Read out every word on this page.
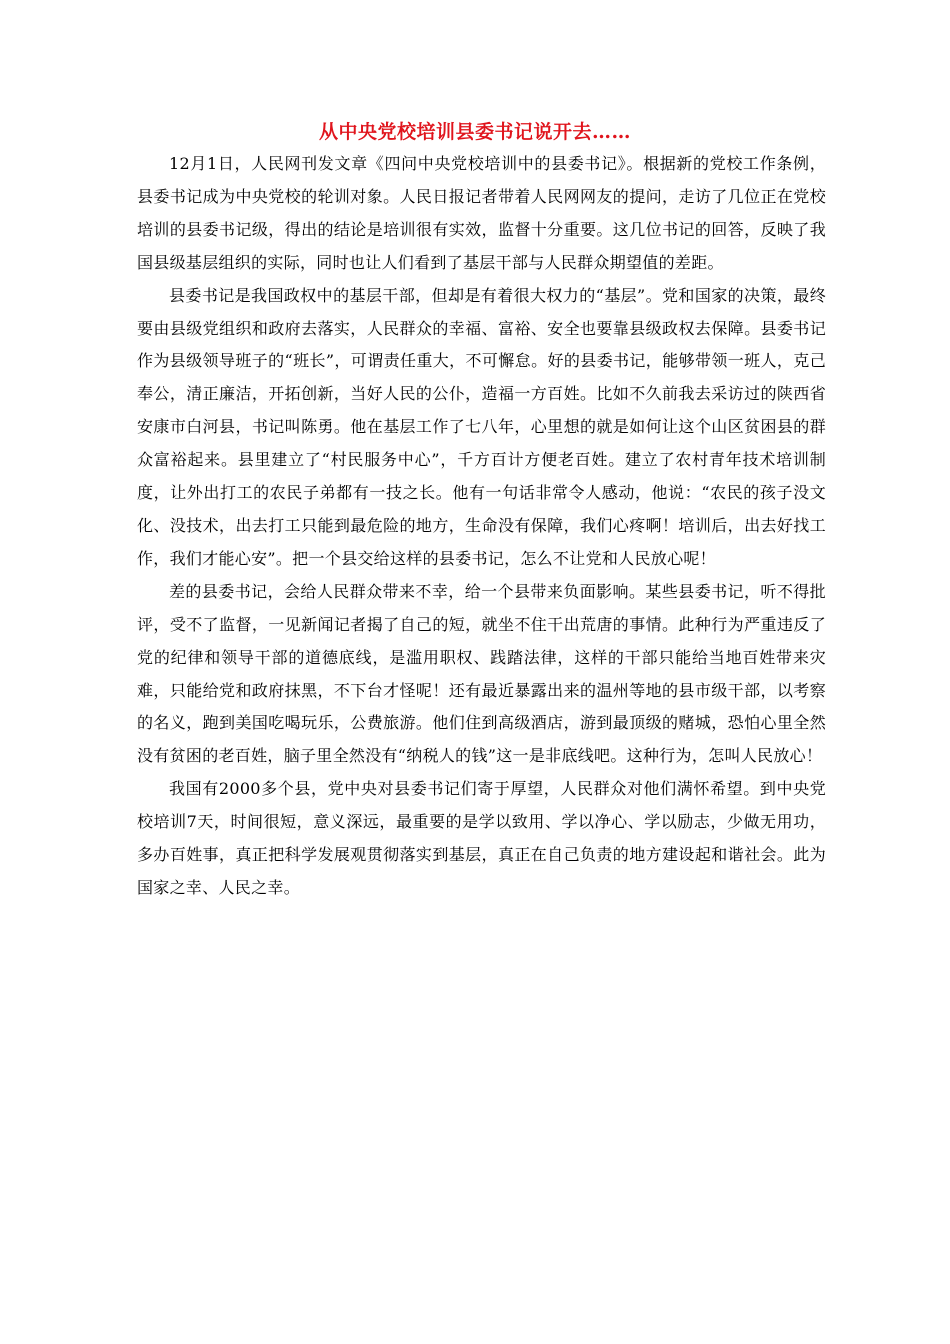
从中央党校培训县委书记说开去……

12月1日，人民网刊发文章《四问中央党校培训中的县委书记》。根据新的党校工作条例，县委书记成为中央党校的轮训对象。人民日报记者带着人民网网友的提问，走访了几位正在党校培训的县委书记级，得出的结论是培训很有实效，监督十分重要。这几位书记的回答，反映了我国县级基层组织的实际，同时也让人们看到了基层干部与人民群众期望值的差距。

县委书记是我国政权中的基层干部，但却是有着很大权力的“基层”。党和国家的决策，最终要由县级党组织和政府去落实，人民群众的幸福、富裕、安全也要靠县级政权去保障。县委书记作为县级领导班子的“班长”，可谓责任重大，不可懈怠。好的县委书记，能够带领一班人，克己奉公，清正廉洁，开拓创新，当好人民的公仆，造福一方百姓。比如不久前我去采访过的陕西省安康市白河县，书记叫陈勇。他在基层工作了七八年，心里想的就是如何让这个山区贫困县的群众富裕起来。县里建立了“村民服务中心”，千方百计方便老百姓。建立了农村青年技术培训制度，让外出打工的农民子弟都有一技之长。他有一句话非常令人感动，他说：“农民的孩子没文化、没技术，出去打工只能到最危险的地方，生命没有保障，我们心疼啊！培训后，出去好找工作，我们才能心安”。把一个县交给这样的县委书记，怎么不让党和人民放心呢！

差的县委书记，会给人民群众带来不幸，给一个县带来负面影响。某些县委书记，听不得批评，受不了监督，一见新闻记者揭了自己的短，就坐不住干出荒唐的事情。此种行为严重违反了党的纪律和领导干部的道德底线，是滥用职权、践踏法律，这样的干部只能给当地百姓带来灾难，只能给党和政府抹黑，不下台才怪呢！还有最近暴露出来的温州等地的县市级干部，以考察的名义，跑到美国吃喝玩乐，公费旅游。他们住到高级酒店，游到最顶级的赌城，恐怕心里全然没有贫困的老百姓，脑子里全然没有“纳税人的钱”这一是非底线吧。这种行为，怎叫人民放心！

我国有2000多个县，党中央对县委书记们寄于厚望，人民群众对他们满怀希望。到中央党校培训7天，时间很短，意义深远，最重要的是学以致用、学以净心、学以励志，少做无用功，多办百姓事，真正把科学发展观贯彻落实到基层，真正在自己负责的地方建设起和谐社会。此为国家之幸、人民之幸。
